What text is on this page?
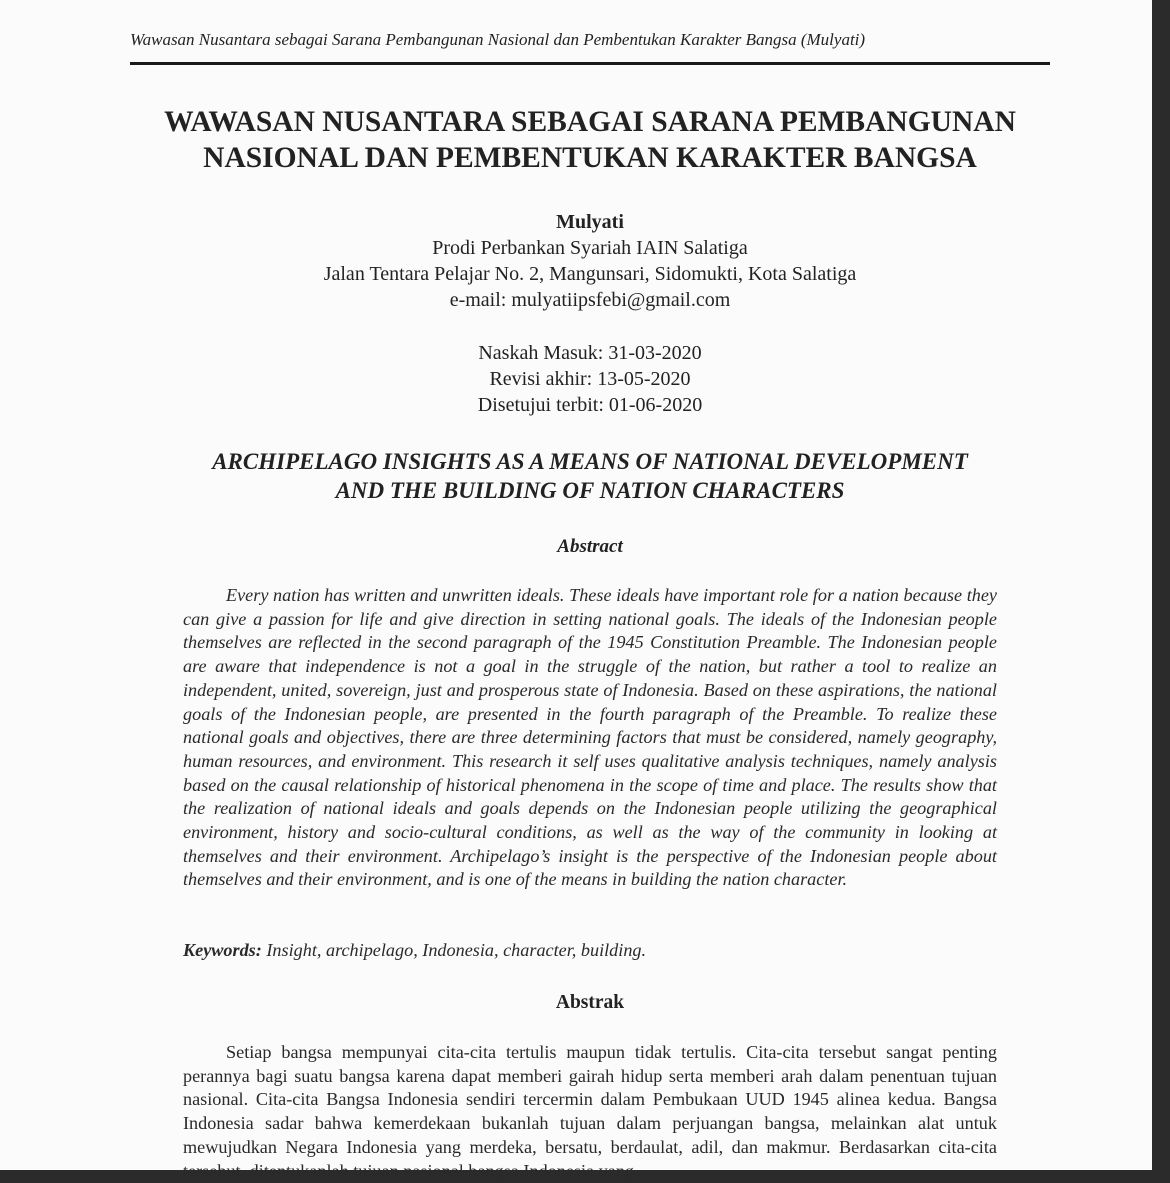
Wawasan Nusantara sebagai Sarana Pembangunan Nasional dan Pembentukan Karakter Bangsa (Mulyati)
WAWASAN NUSANTARA SEBAGAI SARANA PEMBANGUNAN
NASIONAL DAN PEMBENTUKAN KARAKTER BANGSA
Mulyati
Prodi Perbankan Syariah IAIN Salatiga
Jalan Tentara Pelajar No. 2, Mangunsari, Sidomukti, Kota Salatiga
e-mail: mulyatiipsfebi@gmail.com
Naskah Masuk: 31-03-2020
Revisi akhir: 13-05-2020
Disetujui terbit: 01-06-2020
ARCHIPELAGO INSIGHTS AS A MEANS OF NATIONAL DEVELOPMENT
AND THE BUILDING OF NATION CHARACTERS
Abstract

Every nation has written and unwritten ideals. These ideals have important role for a nation because they can give a passion for life and give direction in setting national goals. The ideals of the Indonesian people themselves are reflected in the second paragraph of the 1945 Constitution Preamble. The Indonesian people are aware that independence is not a goal in the struggle of the nation, but rather a tool to realize an independent, united, sovereign, just and prosperous state of Indonesia. Based on these aspirations, the national goals of the Indonesian people, are presented in the fourth paragraph of the Preamble. To realize these national goals and objectives, there are three determining factors that must be considered, namely geography, human resources, and environment. This research it self uses qualitative analysis techniques, namely analysis based on the causal relationship of historical phenomena in the scope of time and place. The results show that the realization of national ideals and goals depends on the Indonesian people utilizing the geographical environment, history and socio-cultural conditions, as well as the way of the community in looking at themselves and their environment. Archipelago’s insight is the perspective of the Indonesian people about themselves and their environment, and is one of the means in building the nation character.

Keywords: Insight, archipelago, Indonesia, character, building.
Abstrak

Setiap bangsa mempunyai cita-cita tertulis maupun tidak tertulis. Cita-cita tersebut sangat penting perannya bagi suatu bangsa karena dapat memberi gairah hidup serta memberi arah dalam penentuan tujuan nasional. Cita-cita Bangsa Indonesia sendiri tercermin dalam Pembukaan UUD 1945 alinea kedua. Bangsa Indonesia sadar bahwa kemerdekaan bukanlah tujuan dalam perjuangan bangsa, melainkan alat untuk mewujudkan Negara Indonesia yang merdeka, bersatu, berdaulat, adil, dan makmur. Berdasarkan cita-cita tersebut, ditentukanlah tujuan nasional bangsa Indonesia yang
